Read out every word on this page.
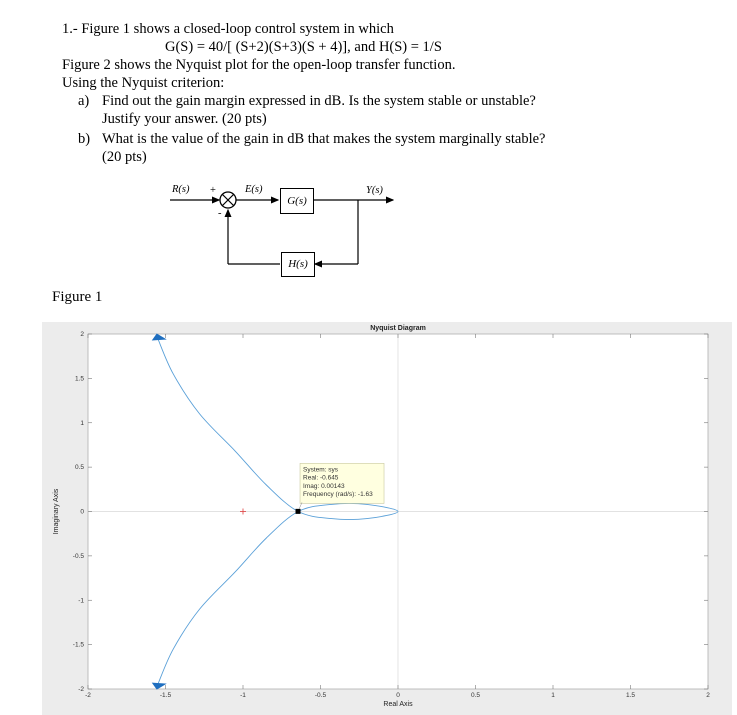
1.- Figure 1 shows a closed-loop control system in which
G(S) = 40/[ (S+2)(S+3)(S + 4)], and H(S) = 1/S
Figure 2 shows the Nyquist plot for the open-loop transfer function.
Using the Nyquist criterion:
a) Find out the gain margin expressed in dB. Is the system stable or unstable?
Justify your answer. (20 pts)
b) What is the value of the gain in dB that makes the system marginally stable?
(20 pts)
G(s)
H(s)
R(s) +
-
E(s)	Y(s)
Figure 1
-2	-1.5	-1	-0.5	0	0.5	1	1.5	2
2
1.5
1
0.5
0
-0.5
-1
-1.5
-2
Nyquist Diagram
Real Axis
Imaginary Axis
System: sys
Real: -0.645
Imag: 0.00143
Frequency (rad/s): -1.63
